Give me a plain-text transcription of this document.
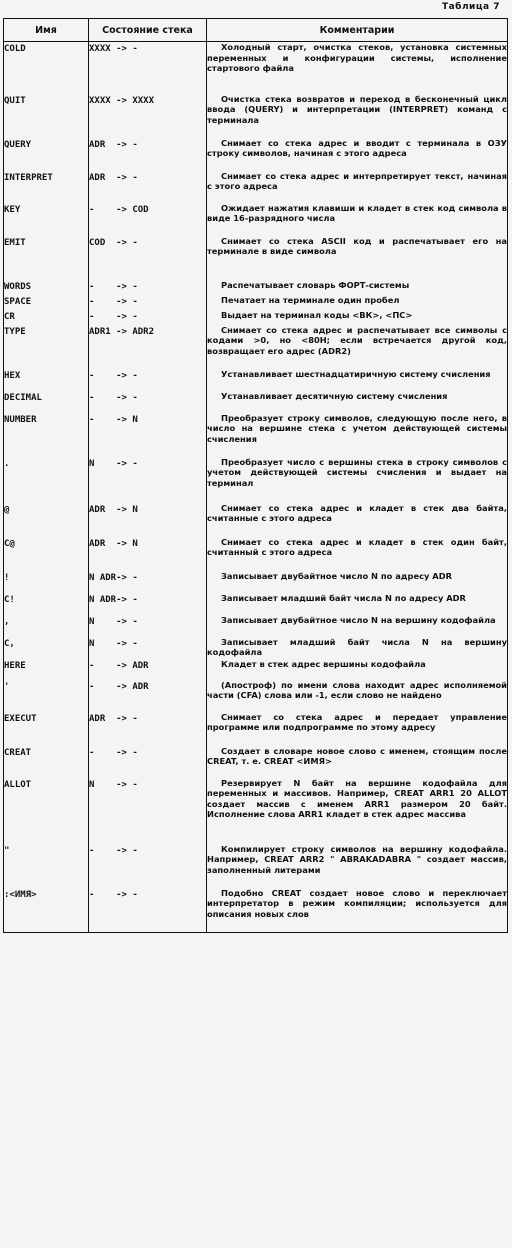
Таблица 7
Имя	Состояние стека	Комментарии
COLD	XXXX -> -	Холодный старт, очистка стеков, установка системных переменных и конфигурации системы, исполнение стартового файла

QUIT	XXXX -> XXXX	Очистка стека возвратов и переход в бесконечный цикл ввода (QUERY) и интерпретации (INTERPRET) команд с терминала

QUERY	ADR  -> -	Снимает со стека адрес и вводит с терминала в ОЗУ строку символов, начиная с этого адреса

INTERPRET	ADR  -> -	Снимает со стека адрес и интерпретирует текст, начиная с этого адреса

KEY	-    -> COD	Ожидает нажатия клавиши и кладет в стек код символа в виде 16-разрядного числа

EMIT	COD  -> -	Снимает со стека ASCII код и распечатывает его на терминале в виде символа

WORDS	-    -> -	Распечатывает словарь ФОРТ-системы

SPACE	-    -> -	Печатает на терминале один пробел

CR	-    -> -	Выдает на терминал коды <ВК>, <ПС>

TYPE	ADR1 -> ADR2	Снимает со стека адрес и распечатывает все символы с кодами >0, но <80Н; если встречается другой код, возвращает его адрес (ADR2)

HEX	-    -> -	Устанавливает шестнадцатиричную систему счисления

DECIMAL	-    -> -	Устанавливает десятичную систему счисления

NUMBER	-    -> N	Преобразует строку символов, следующую после него, в число на вершине стека с учетом действующей системы счисления

.	N    -> -	Преобразует число с вершины стека в строку символов с учетом действующей системы счисления и выдает на терминал

@	ADR  -> N	Снимает со стека адрес и кладет в стек два байта, считанные с этого адреса

C@	ADR  -> N	Снимает со стека адрес и кладет в стек один байт, считанный с этого адреса

!	N ADR-> -	Записывает двубайтное число N по адресу ADR

C!	N ADR-> -	Записывает младший байт числа N по адресу ADR

,	N    -> -	Записывает двубайтное число N на вершину кодофайла

C,	N    -> -	Записывает младший байт числа N на вершину кодофайла

HERE	-    -> ADR	Кладет в стек адрес вершины кодофайла

'	-    -> ADR	(Апостроф) по имени слова находит адрес исполняемой части (CFA) слова или -1, если слово не найдено

EXECUT	ADR  -> -	Снимает со стека адрес и передает управление программе или подпрограмме по этому адресу

CREAT	-    -> -	Создает в словаре новое слово с именем, стоящим после CREAT, т. е. CREAT <ИМЯ>

ALLOT	N    -> -	Резервирует N байт на вершине кодофайла для переменных и массивов. Например, CREAT ARR1 20 ALLOT создает массив с именем ARR1 размером 20 байт. Исполнение слова ARR1 кладет в стек адрес массива

"	-    -> -	Компилирует строку символов на вершину кодофайла. Например, CREAT ARR2 " ABRAKADABRA " создает массив, заполненный литерами

:<ИМЯ>	-    -> -	Подобно CREAT создает новое слово и переключает интерпретатор в режим компиляции; используется для описания новых слов
